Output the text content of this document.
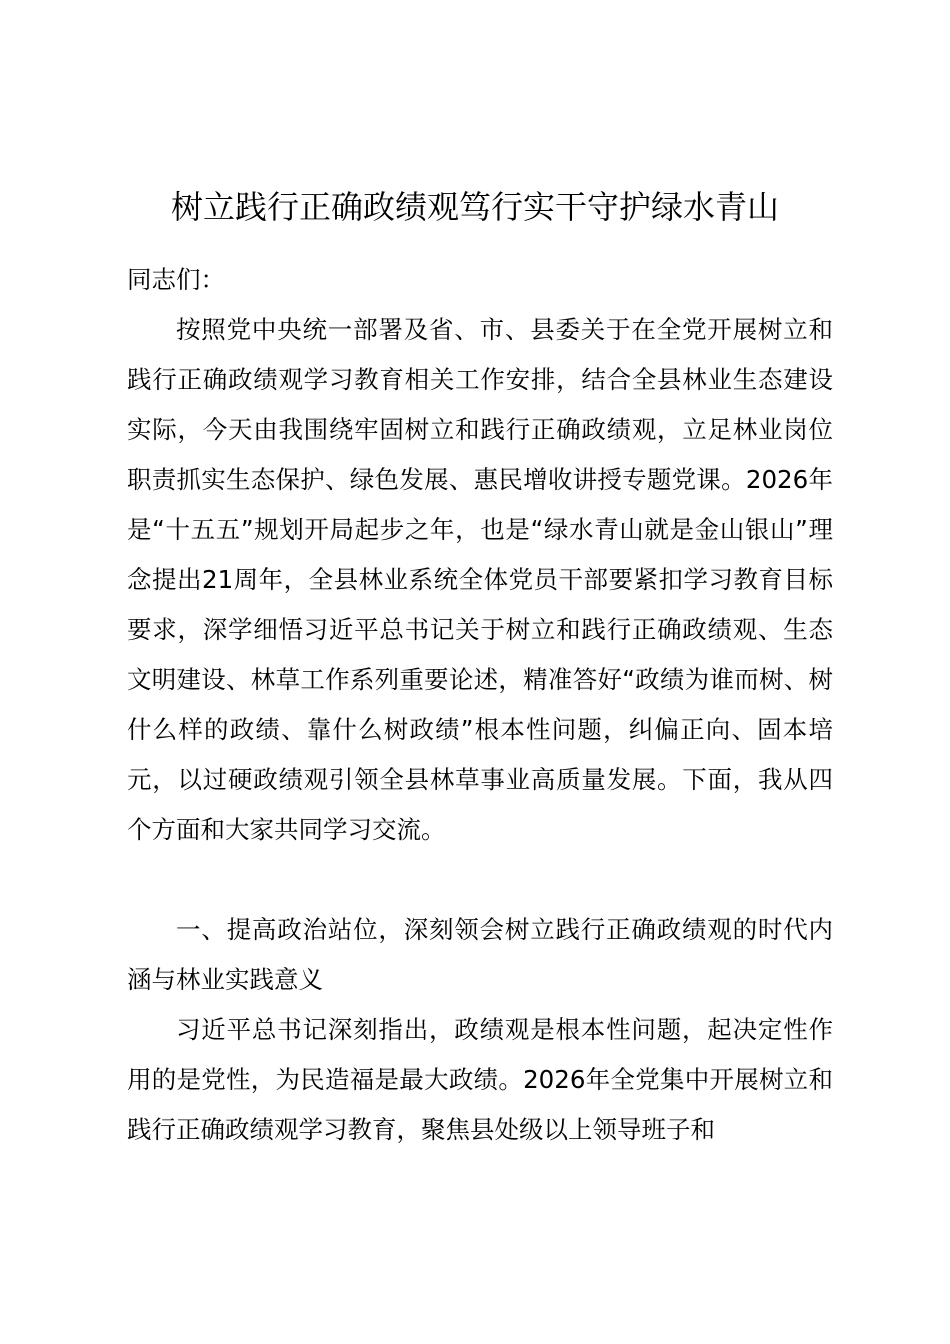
树立践行正确政绩观笃行实干守护绿水青山
同志们：

按照党中央统一部署及省、市、县委关于在全党开展树立和践行正确政绩观学习教育相关工作安排，结合全县林业生态建设实际，今天由我围绕牢固树立和践行正确政绩观，立足林业岗位职责抓实生态保护、绿色发展、惠民增收讲授专题党课。2026年是“十五五”规划开局起步之年，也是“绿水青山就是金山银山”理念提出21周年，全县林业系统全体党员干部要紧扣学习教育目标要求，深学细悟习近平总书记关于树立和践行正确政绩观、生态文明建设、林草工作系列重要论述，精准答好“政绩为谁而树、树什么样的政绩、靠什么树政绩”根本性问题，纠偏正向、固本培元，以过硬政绩观引领全县林草事业高质量发展。下面，我从四个方面和大家共同学习交流。

一、提高政治站位，深刻领会树立践行正确政绩观的时代内涵与林业实践意义

习近平总书记深刻指出，政绩观是根本性问题，起决定性作用的是党性，为民造福是最大政绩。2026年全党集中开展树立和践行正确政绩观学习教育，聚焦县处级以上领导班子和
